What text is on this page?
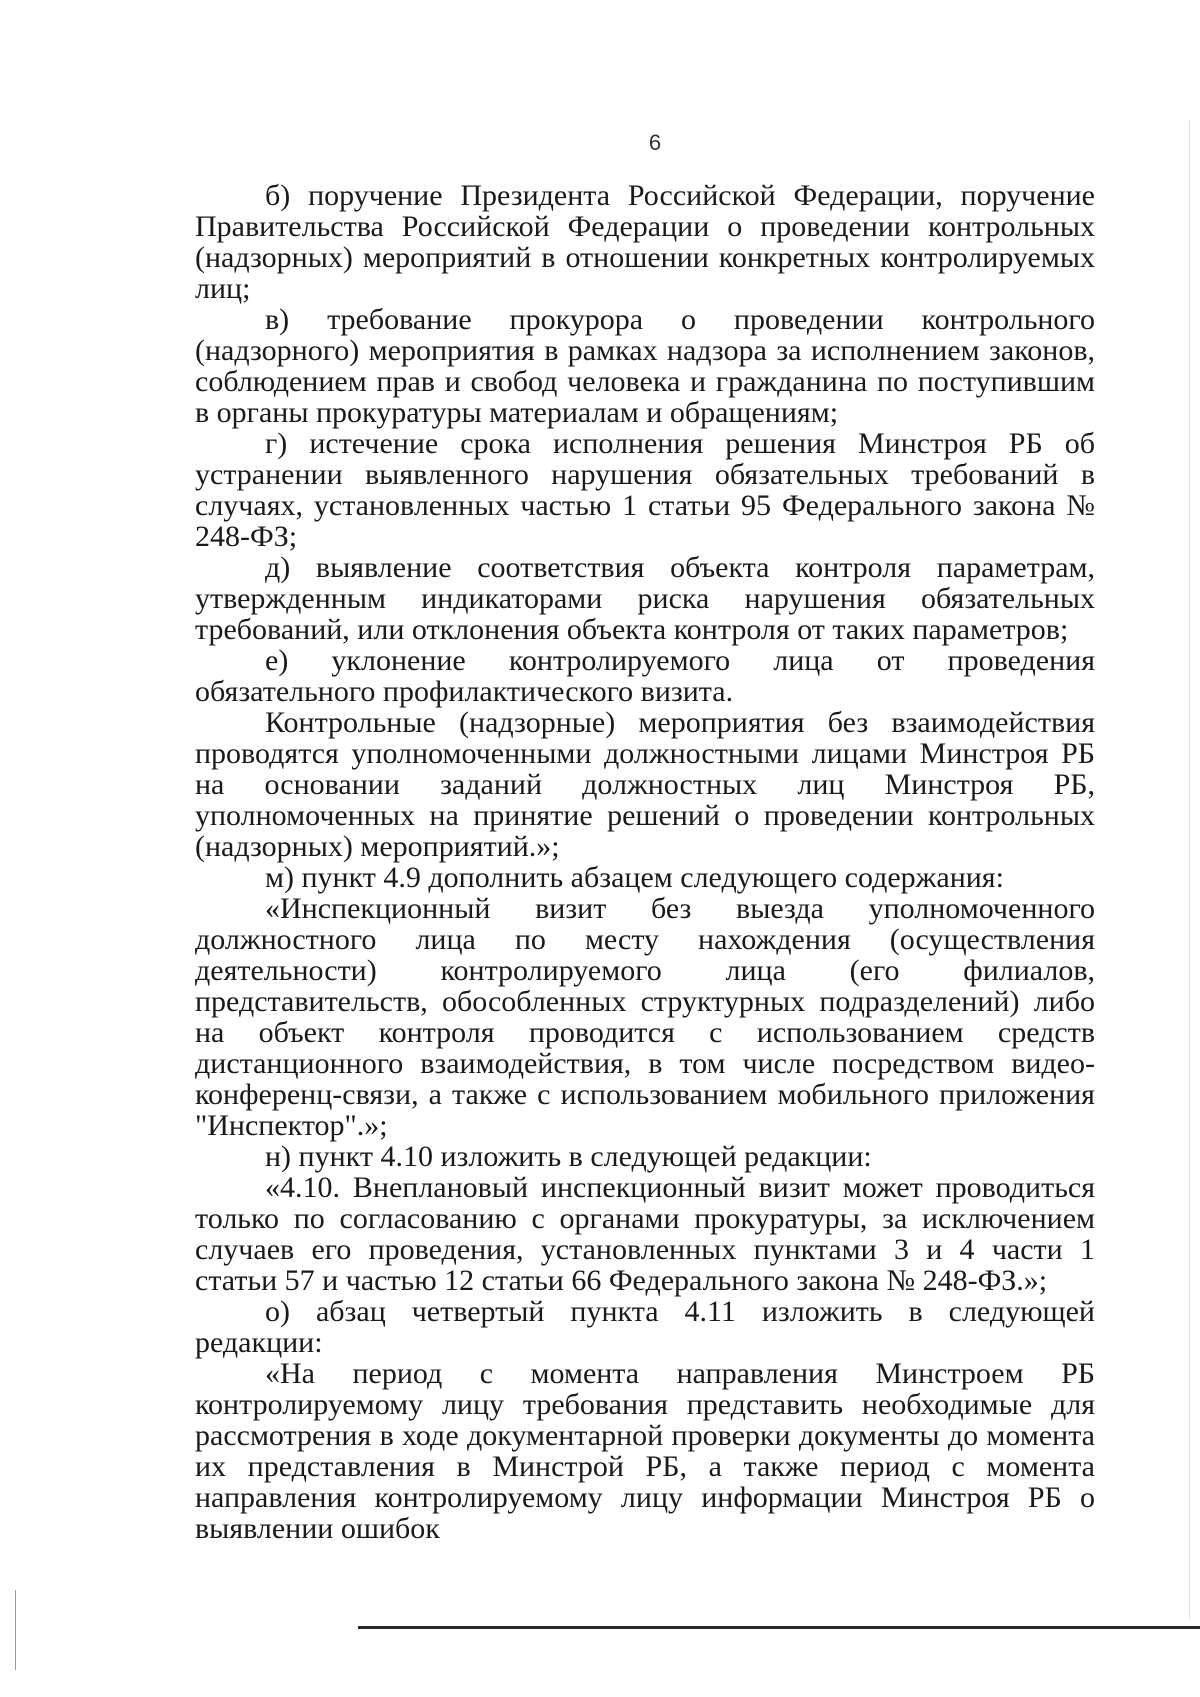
6

б) поручение Президента Российской Федерации, поручение Правительства Российской Федерации о проведении контрольных (надзорных) мероприятий в отношении конкретных контролируемых лиц;

в) требование прокурора о проведении контрольного (надзорного) мероприятия в рамках надзора за исполнением законов, соблюдением прав и свобод человека и гражданина по поступившим в органы прокуратуры материалам и обращениям;

г) истечение срока исполнения решения Минстроя РБ об устранении выявленного нарушения обязательных требований в случаях, установленных частью 1 статьи 95 Федерального закона № 248-ФЗ;

д) выявление соответствия объекта контроля параметрам, утвержденным индикаторами риска нарушения обязательных требований, или отклонения объекта контроля от таких параметров;

е) уклонение контролируемого лица от проведения обязательного профилактического визита.

Контрольные (надзорные) мероприятия без взаимодействия проводятся уполномоченными должностными лицами Минстроя РБ на основании заданий должностных лиц Минстроя РБ, уполномоченных на принятие решений о проведении контрольных (надзорных) мероприятий.»;

м) пункт 4.9 дополнить абзацем следующего содержания:

«Инспекционный визит без выезда уполномоченного должностного лица по месту нахождения (осуществления деятельности) контролируемого лица (его филиалов, представительств, обособленных структурных подразделений) либо на объект контроля проводится с использованием средств дистанционного взаимодействия, в том числе посредством видео-конференц-связи, а также с использованием мобильного приложения "Инспектор".»;

н) пункт 4.10 изложить в следующей редакции:

«4.10. Внеплановый инспекционный визит может проводиться только по согласованию с органами прокуратуры, за исключением случаев его проведения, установленных пунктами 3 и 4 части 1 статьи 57 и частью 12 статьи 66 Федерального закона № 248-ФЗ.»;

о) абзац четвертый пункта 4.11 изложить в следующей редакции:

«На период с момента направления Минстроем РБ контролируемому лицу требования представить необходимые для рассмотрения в ходе документарной проверки документы до момента их представления в Минстрой РБ, а также период с момента направления контролируемому лицу информации Минстроя РБ о выявлении ошибок
